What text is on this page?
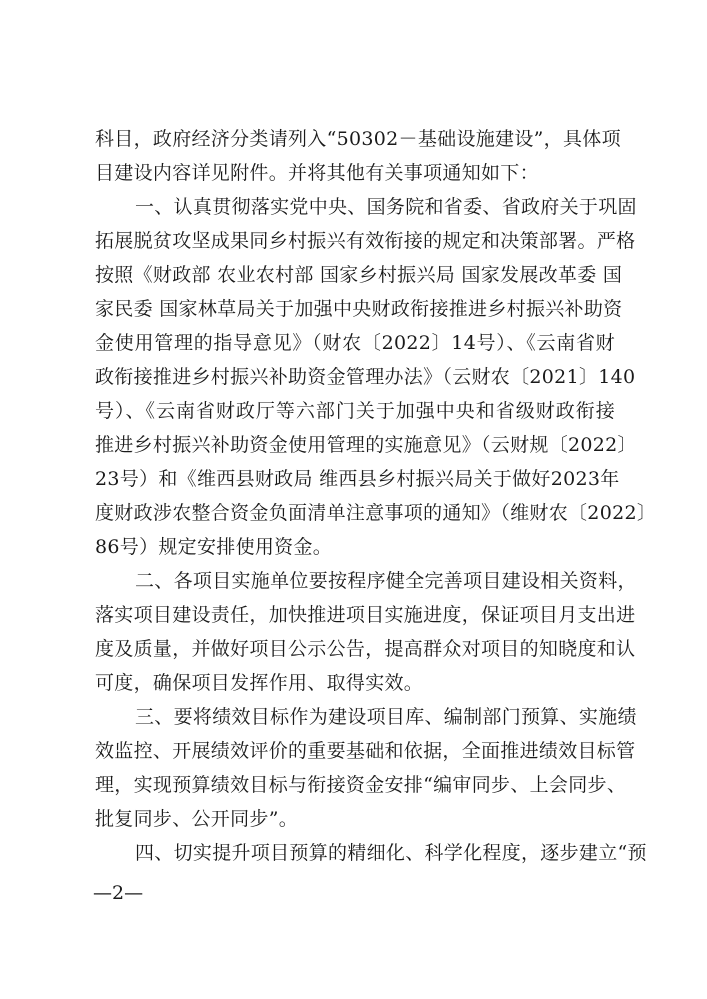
科目，政府经济分类请列入“50302－基础设施建设”，具体项
目建设内容详见附件。并将其他有关事项通知如下：
一、认真贯彻落实党中央、国务院和省委、省政府关于巩固
拓展脱贫攻坚成果同乡村振兴有效衔接的规定和决策部署。严格
按照《财政部 农业农村部 国家乡村振兴局 国家发展改革委 国
家民委 国家林草局关于加强中央财政衔接推进乡村振兴补助资
金使用管理的指导意见》（财农〔2022〕14号）、《云南省财
政衔接推进乡村振兴补助资金管理办法》（云财农〔2021〕140
号）、《云南省财政厅等六部门关于加强中央和省级财政衔接
推进乡村振兴补助资金使用管理的实施意见》（云财规〔2022〕
23号）和《维西县财政局 维西县乡村振兴局关于做好2023年
度财政涉农整合资金负面清单注意事项的通知》（维财农〔2022〕
86号）规定安排使用资金。
二、各项目实施单位要按程序健全完善项目建设相关资料，
落实项目建设责任，加快推进项目实施进度，保证项目月支出进
度及质量，并做好项目公示公告，提高群众对项目的知晓度和认
可度，确保项目发挥作用、取得实效。
三、要将绩效目标作为建设项目库、编制部门预算、实施绩
效监控、开展绩效评价的重要基础和依据，全面推进绩效目标管
理，实现预算绩效目标与衔接资金安排“编审同步、上会同步、
批复同步、公开同步”。
四、切实提升项目预算的精细化、科学化程度，逐步建立“预
—2—
